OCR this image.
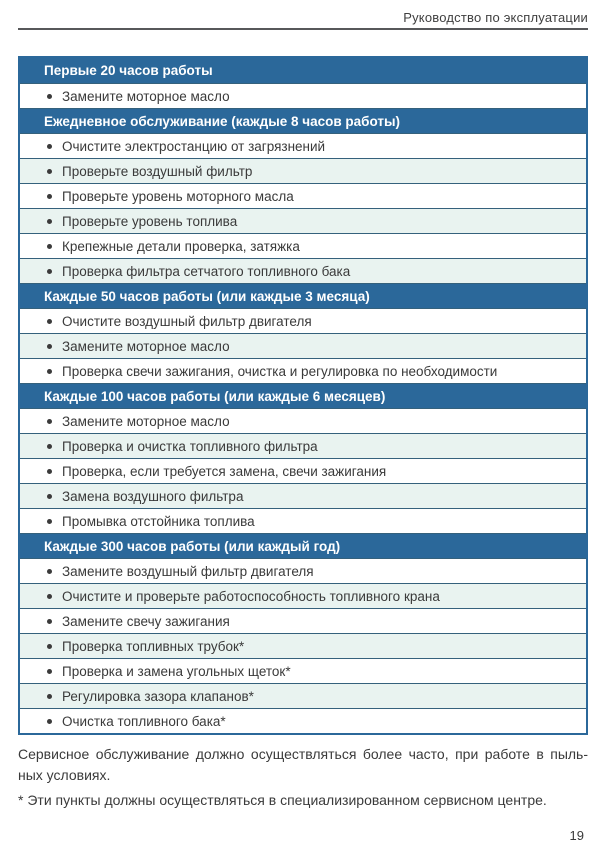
Руководство по эксплуатации
Первые 20 часов работы
Замените моторное масло
Ежедневное обслуживание (каждые 8 часов работы)
Очистите электростанцию от загрязнений
Проверьте воздушный фильтр
Проверьте уровень моторного масла
Проверьте уровень топлива
Крепежные детали проверка, затяжка
Проверка фильтра сетчатого топливного бака
Каждые 50 часов работы (или каждые 3 месяца)
Очистите воздушный фильтр двигателя
Замените моторное масло
Проверка свечи зажигания, очистка и регулировка по необходимости
Каждые 100 часов работы (или каждые 6 месяцев)
Замените моторное масло
Проверка и очистка топливного фильтра
Проверка, если требуется замена, свечи зажигания
Замена воздушного фильтра
Промывка отстойника топлива
Каждые 300 часов работы (или каждый год)
Замените воздушный фильтр двигателя
Очистите и проверьте работоспособность топливного крана
Замените свечу зажигания
Проверка топливных трубок*
Проверка и замена угольных щеток*
Регулировка зазора клапанов*
Очистка топливного бака*
Сервисное обслуживание должно осуществляться более часто, при работе в пыль-
ных условиях.
* Эти пункты должны осуществляться в специализированном сервисном центре.
19
